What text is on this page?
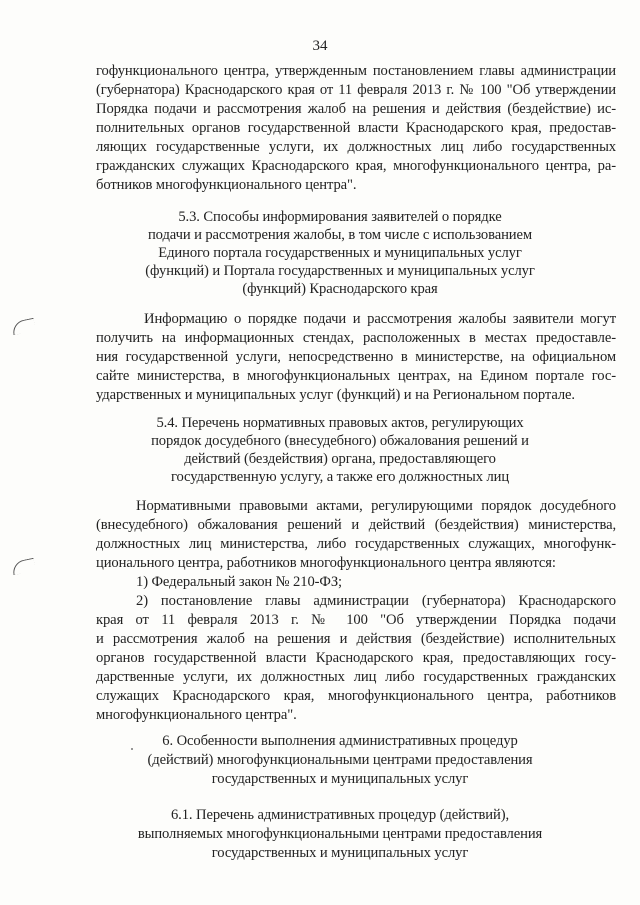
34
гофункционального центра, утвержденным постановлением главы администрации
(губернатора) Краснодарского края от 11 февраля 2013 г. № 100 "Об утверждении
Порядка подачи и рассмотрения жалоб на решения и действия (бездействие) ис-
полнительных органов государственной власти Краснодарского края, предостав-
ляющих государственные услуги, их должностных лиц либо государственных
гражданских служащих Краснодарского края, многофункционального центра, ра-
ботников многофункционального центра".
5.3. Способы информирования заявителей о порядке
подачи и рассмотрения жалобы, в том числе с использованием
Единого портала государственных и муниципальных услуг
(функций) и Портала государственных и муниципальных услуг
(функций) Краснодарского края
Информацию о порядке подачи и рассмотрения жалобы заявители могут
получить на информационных стендах, расположенных в местах предоставле-
ния государственной услуги, непосредственно в министерстве, на официальном
сайте министерства, в многофункциональных центрах, на Едином портале гос-
ударственных и муниципальных услуг (функций) и на Региональном портале.
5.4. Перечень нормативных правовых актов, регулирующих
порядок досудебного (внесудебного) обжалования решений и
действий (бездействия) органа, предоставляющего
государственную услугу, а также его должностных лиц
Нормативными правовыми актами, регулирующими порядок досудебного
(внесудебного) обжалования решений и действий (бездействия) министерства,
должностных лиц министерства, либо государственных служащих, многофунк-
ционального центра, работников многофункционального центра являются:
1) Федеральный закон № 210-ФЗ;
2) постановление главы администрации (губернатора) Краснодарского
края от 11 февраля 2013 г. № 100 "Об утверждении Порядка подачи
и рассмотрения жалоб на решения и действия (бездействие) исполнительных
органов государственной власти Краснодарского края, предоставляющих госу-
дарственные услуги, их должностных лиц либо государственных гражданских
служащих Краснодарского края, многофункционального центра, работников
многофункционального центра".
6. Особенности выполнения административных процедур
(действий) многофункциональными центрами предоставления
государственных и муниципальных услуг
6.1. Перечень административных процедур (действий),
выполняемых многофункциональными центрами предоставления
государственных и муниципальных услуг
